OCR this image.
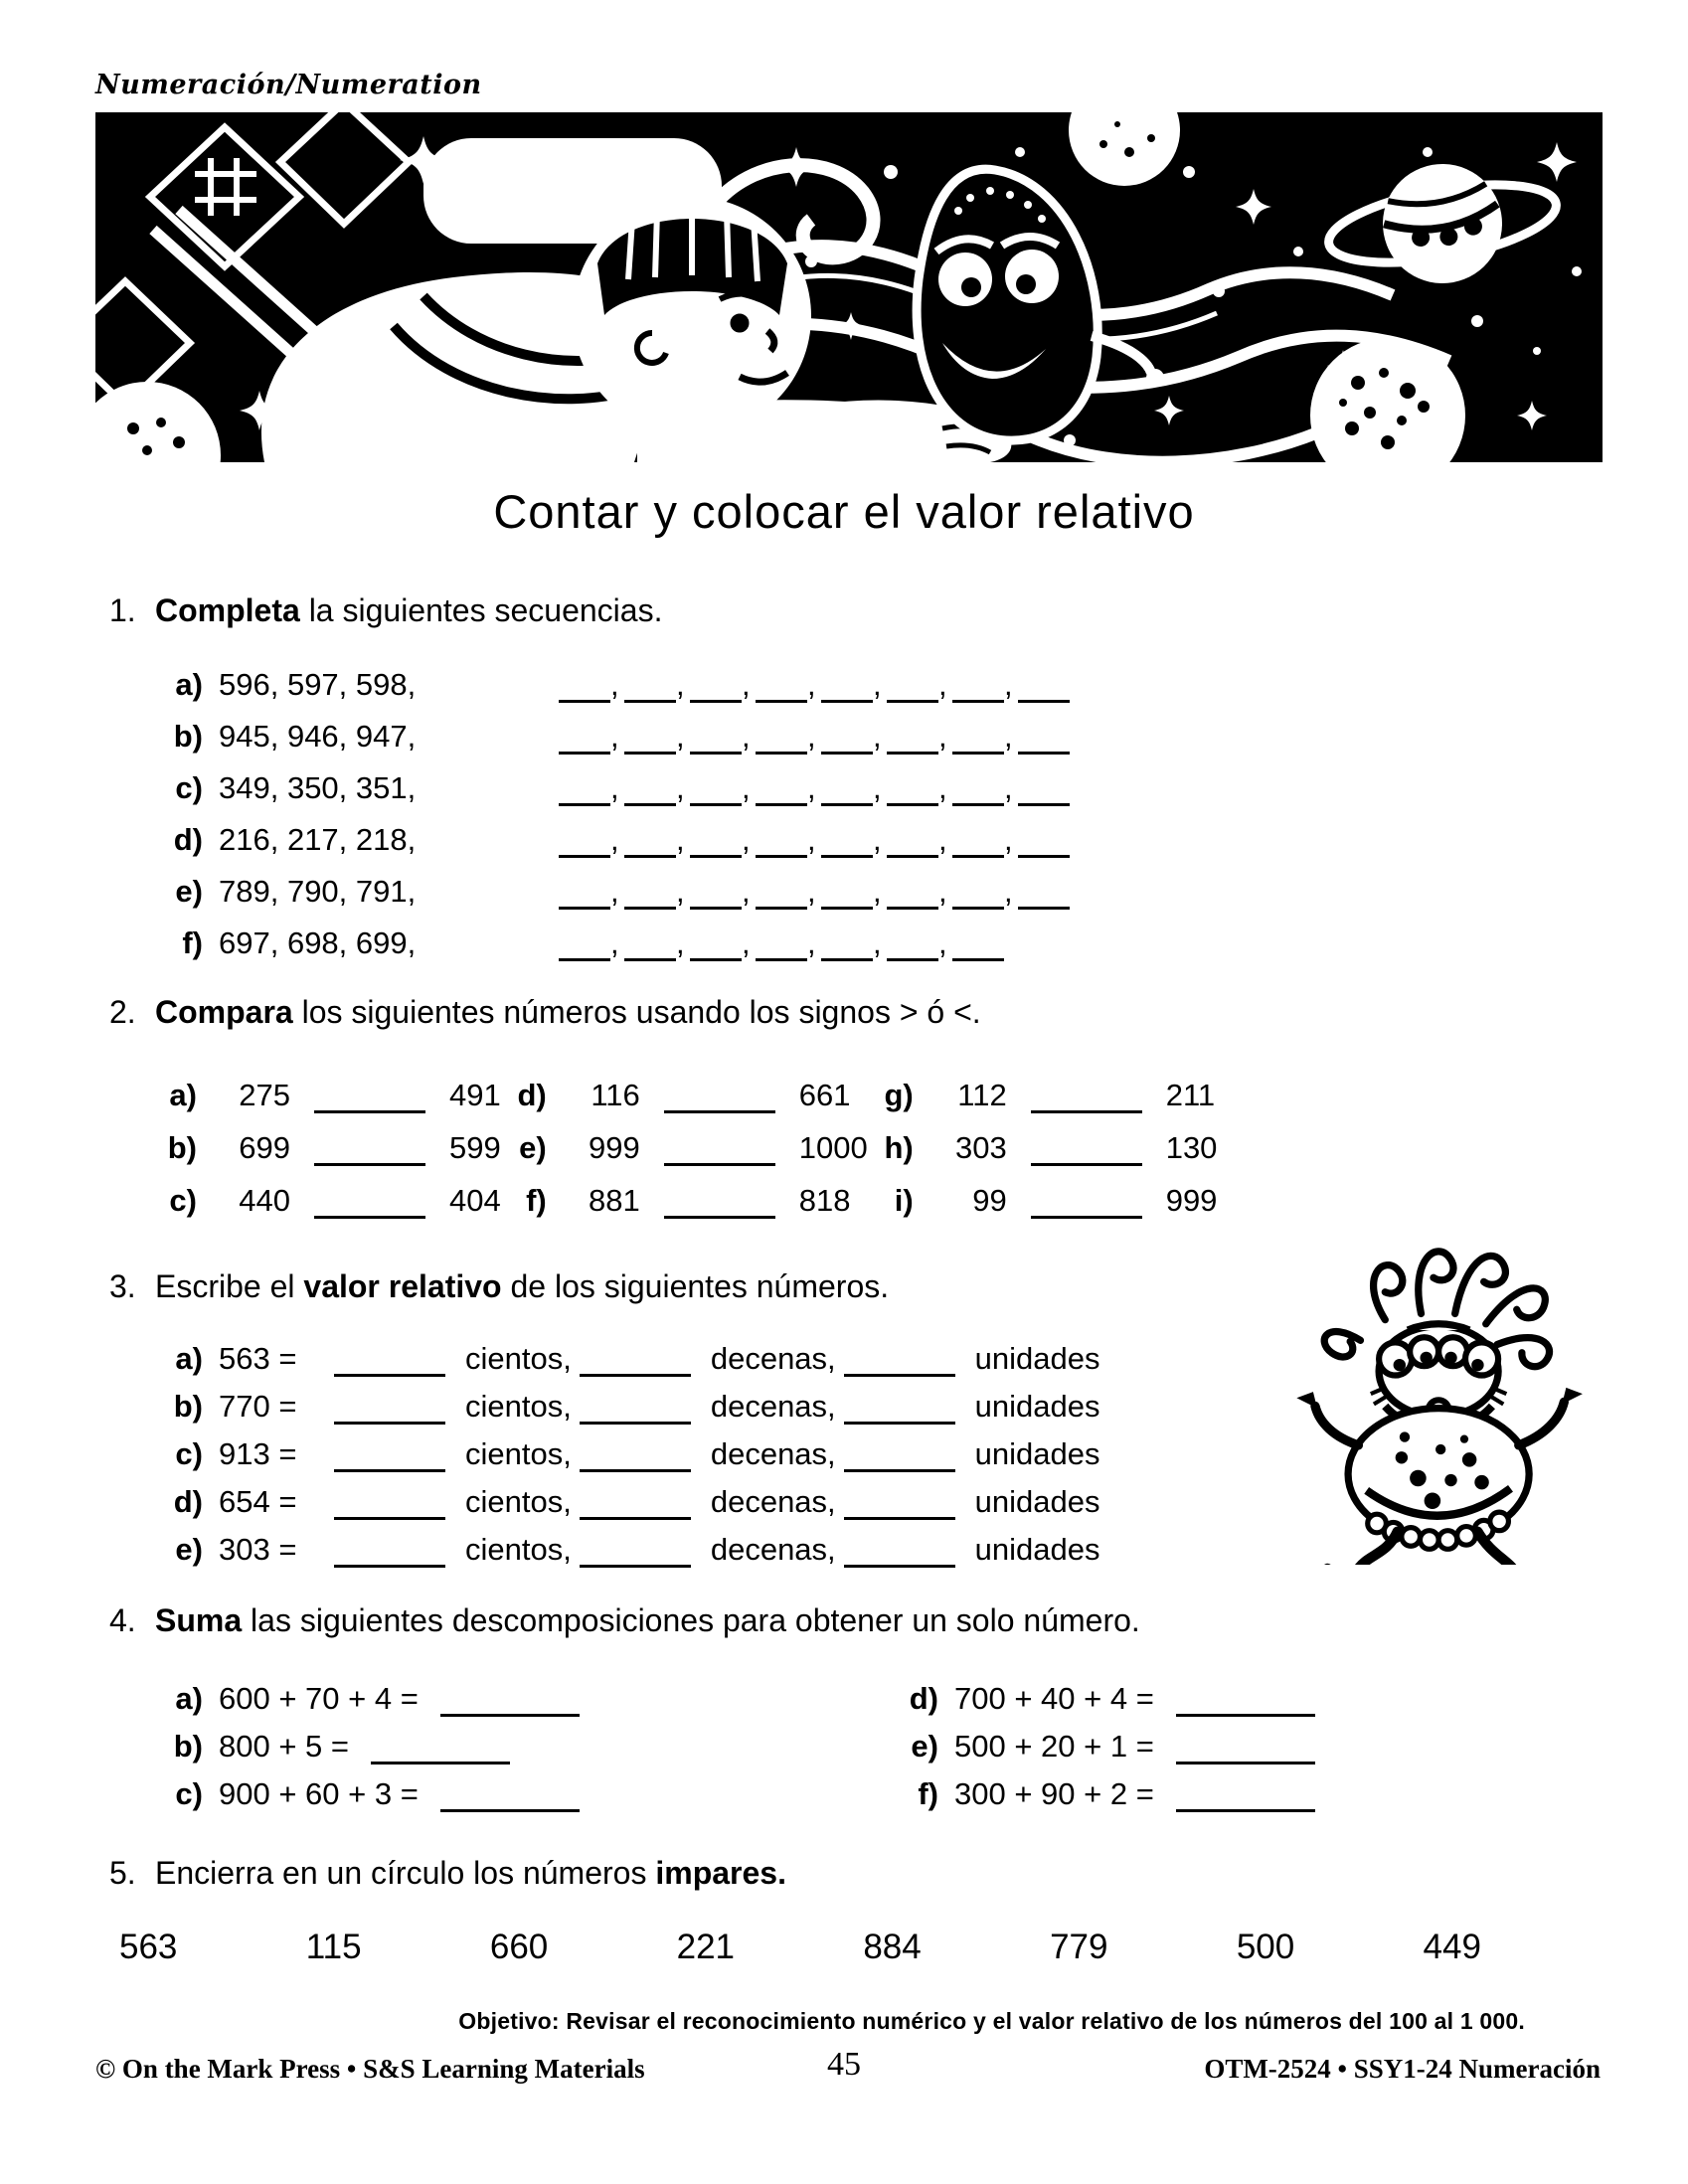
Numeración/Numeration
Contar y colocar el valor relativo
1. Completa la siguientes secuencias.
a) 596, 597, 598,	, , , , , , ,
b) 945, 946, 947,	, , , , , , ,
c) 349, 350, 351,	, , , , , , ,
d) 216, 217, 218,	, , , , , , ,
e) 789, 790, 791,	, , , , , , ,
f) 697, 698, 699,	, , , , , ,
2. Compara los siguientes números usando los signos > ó <.
a)	275	491
b)	699	599
c)	440	404
d)	116	661
e)	999	1000
f)	881	818
g)	112	211
h)	303	130
i)	99	999
3. Escribe el valor relativo de los siguientes números.
a) 563 =	cientos,	decenas,	unidades
b) 770 =	cientos,	decenas,	unidades
c) 913 =	cientos,	decenas,	unidades
d) 654 =	cientos,	decenas,	unidades
e) 303 =	cientos,	decenas,	unidades
4. Suma las siguientes descomposiciones para obtener un solo número.
a) 600 + 70 + 4 =
b) 800 + 5 =
c) 900 + 60 + 3 =
d) 700 + 40 + 4 =
e) 500 + 20 + 1 =
f) 300 + 90 + 2 =
5. Encierra en un círculo los números impares.
563	115	660	221	884	779	500	449
Objetivo: Revisar el reconocimiento numérico y el valor relativo de los números del 100 al 1 000.
© On the Mark Press • S&S Learning Materials	45	OTM-2524 • SSY1-24 Numeración
